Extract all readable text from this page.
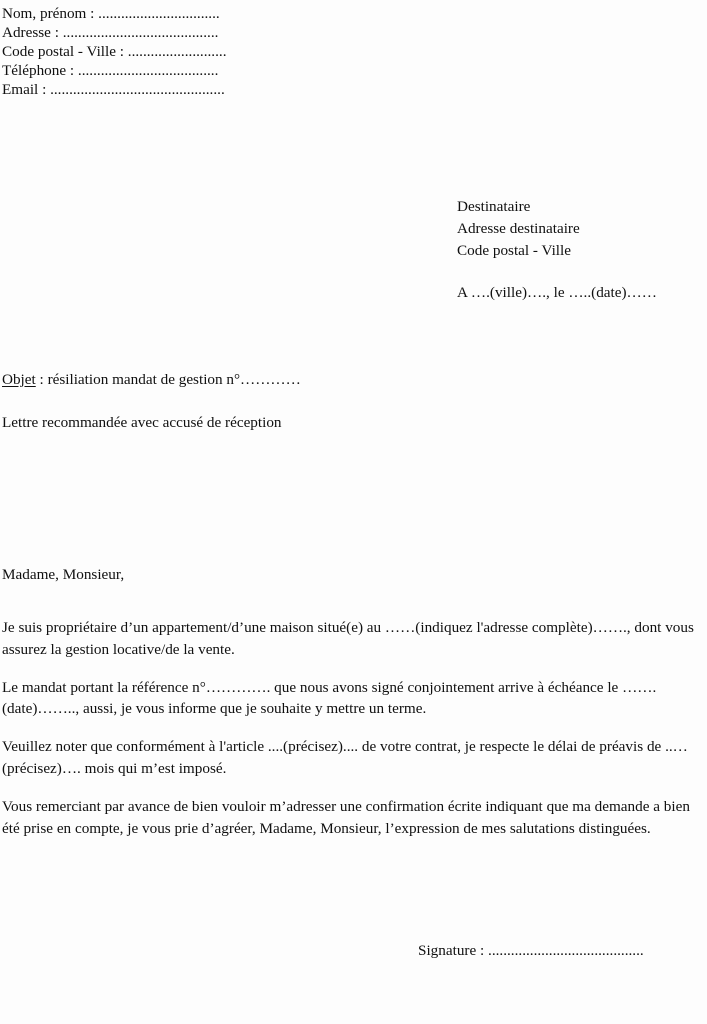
Nom, prénom : ................................
Adresse : .........................................
Code postal - Ville : ..........................
Téléphone : .....................................
Email : ..............................................
Destinataire
Adresse destinataire
Code postal - Ville
A ….(ville)…., le …..(date)……
Objet : résiliation mandat de gestion n°…………
Lettre recommandée avec accusé de réception
Madame, Monsieur,

Je suis propriétaire d’un appartement/d’une maison situé(e) au ……(indiquez l'adresse complète)……., dont vous assurez la gestion locative/de la vente.

Le mandat portant la référence n°…………. que nous avons signé conjointement arrive à échéance le …….(date)…….., aussi, je vous informe que je souhaite y mettre un terme.

Veuillez noter que conformément à l'article ....(précisez).... de votre contrat, je respecte le délai de préavis de ..…(précisez)…. mois qui m’est imposé.

Vous remerciant par avance de bien vouloir m’adresser une confirmation écrite indiquant que ma demande a bien été prise en compte, je vous prie d’agréer, Madame, Monsieur, l’expression de mes salutations distinguées.

Signature : .........................................
